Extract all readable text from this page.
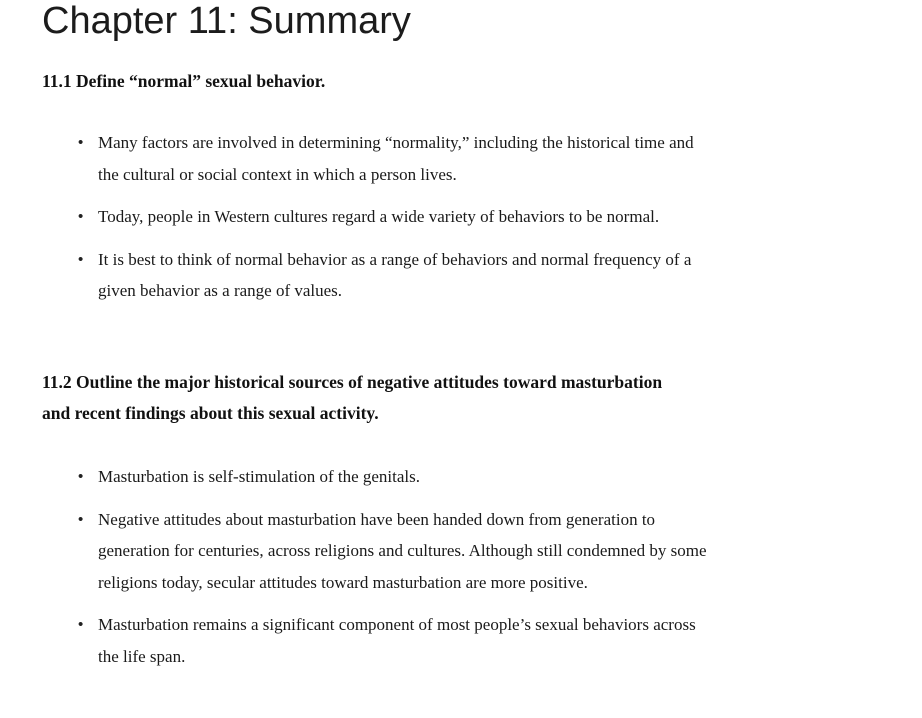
Chapter 11: Summary
11.1 Define “normal” sexual behavior.
• Many factors are involved in determining “normality,” including the historical time and the cultural or social context in which a person lives.
• Today, people in Western cultures regard a wide variety of behaviors to be normal.
• It is best to think of normal behavior as a range of behaviors and normal frequency of a given behavior as a range of values.
11.2 Outline the major historical sources of negative attitudes toward masturbation and recent findings about this sexual activity.
• Masturbation is self-stimulation of the genitals.
• Negative attitudes about masturbation have been handed down from generation to generation for centuries, across religions and cultures. Although still condemned by some religions today, secular attitudes toward masturbation are more positive.
• Masturbation remains a significant component of most people’s sexual behaviors across the life span.
